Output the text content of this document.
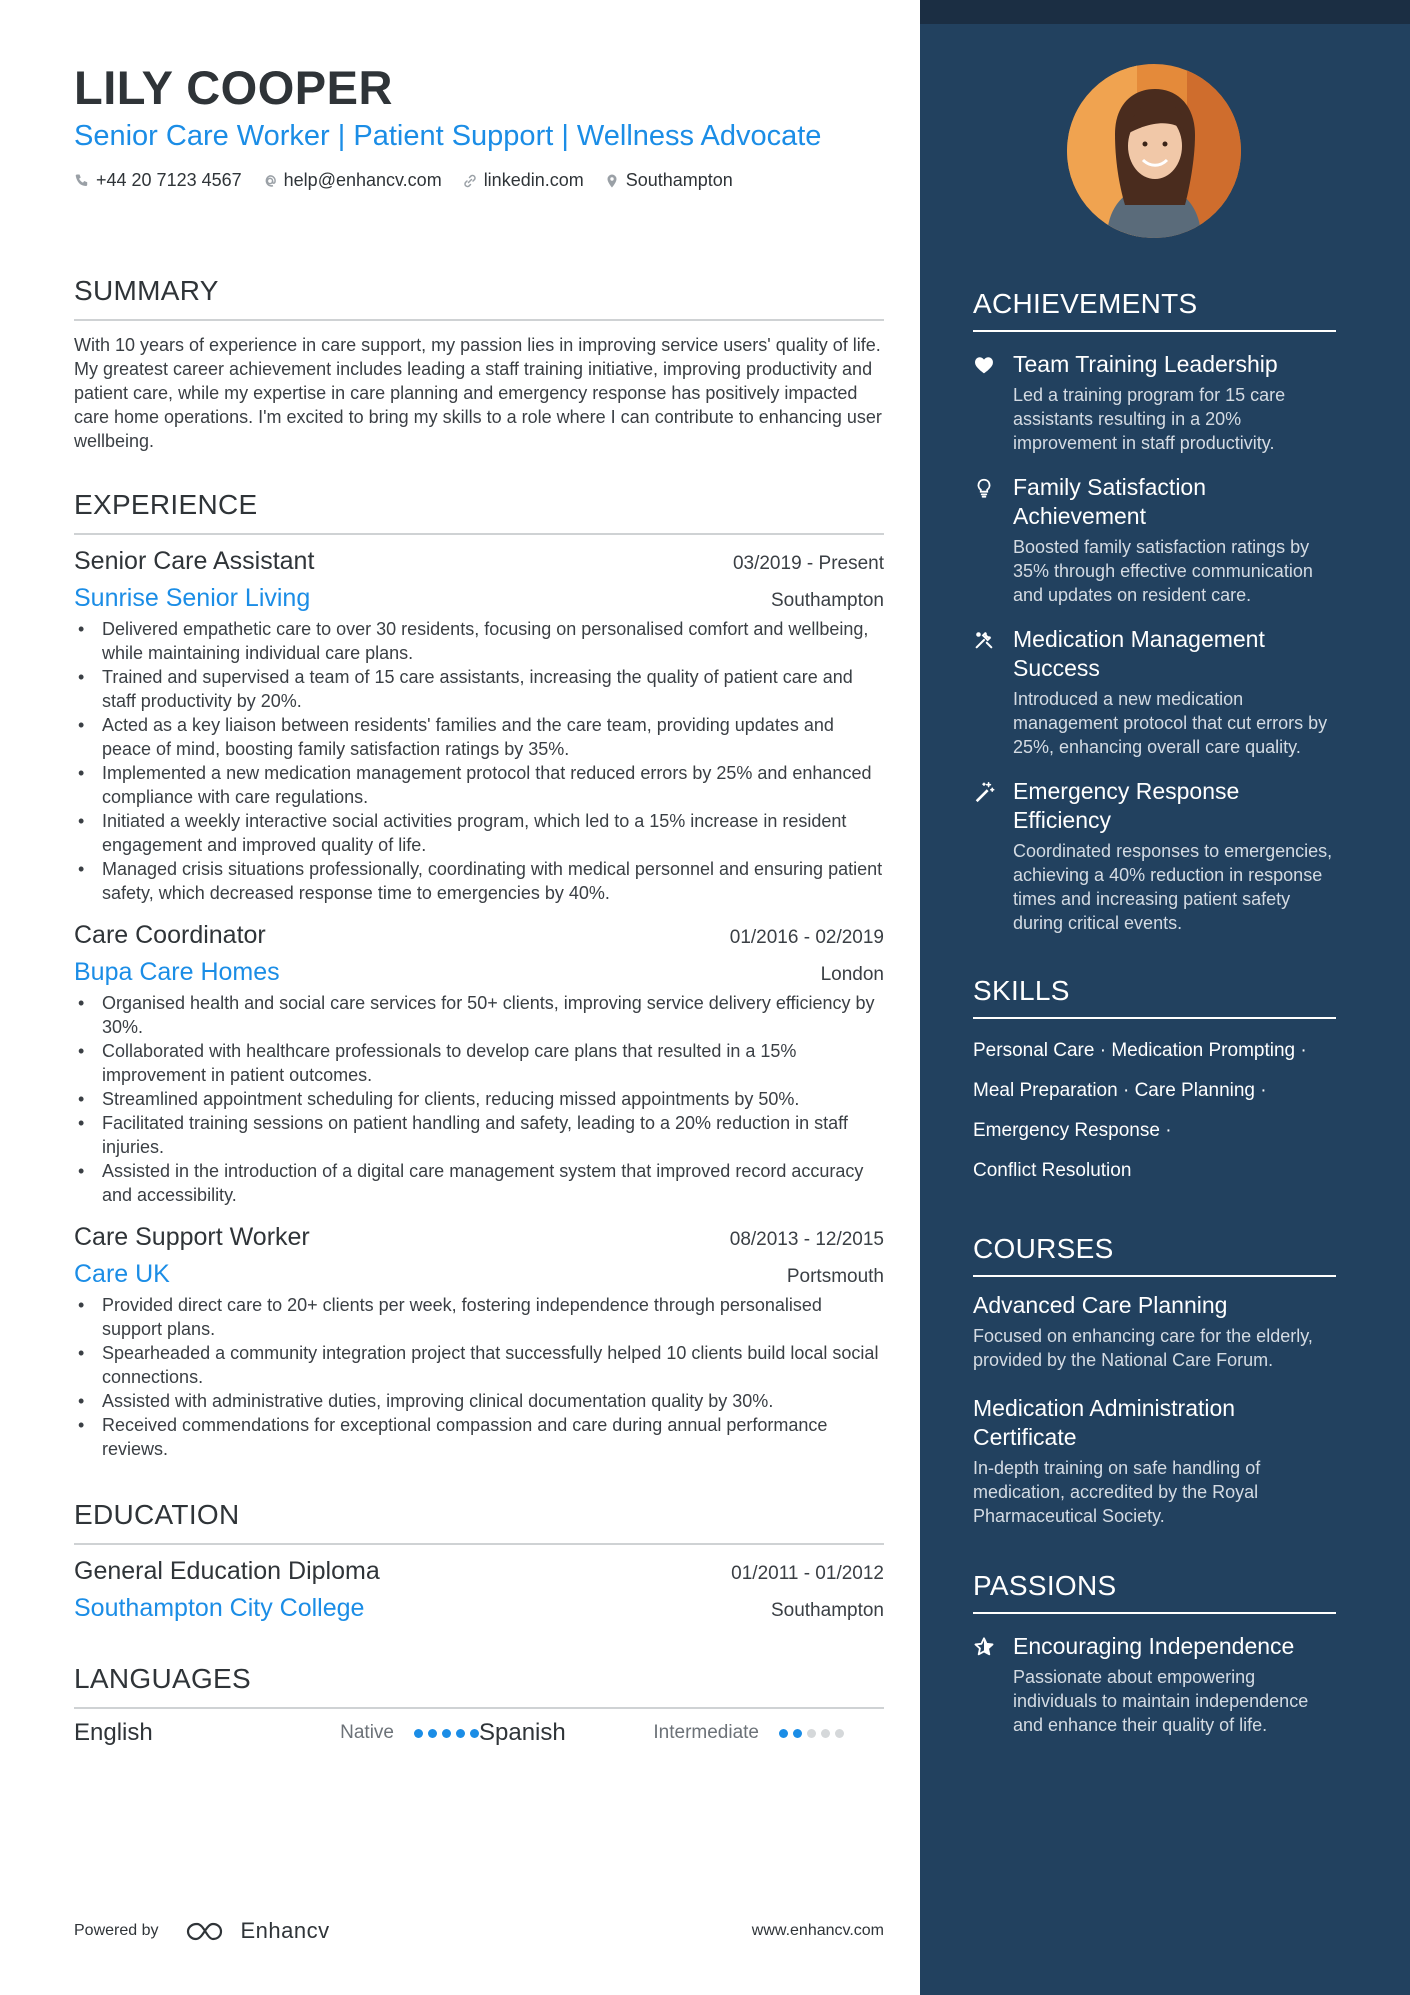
LILY COOPER
Senior Care Worker | Patient Support | Wellness Advocate
+44 20 7123 4567 help@enhancv.com linkedin.com Southampton
SUMMARY

With 10 years of experience in care support, my passion lies in improving service users' quality of life. My greatest career achievement includes leading a staff training initiative, improving productivity and patient care, while my expertise in care planning and emergency response has positively impacted care home operations. I'm excited to bring my skills to a role where I can contribute to enhancing user wellbeing.

EXPERIENCE
Senior Care Assistant	03/2019 - Present
Sunrise Senior Living	Southampton
• Delivered empathetic care to over 30 residents, focusing on personalised comfort and wellbeing, while maintaining individual care plans.
• Trained and supervised a team of 15 care assistants, increasing the quality of patient care and staff productivity by 20%.
• Acted as a key liaison between residents' families and the care team, providing updates and peace of mind, boosting family satisfaction ratings by 35%.
• Implemented a new medication management protocol that reduced errors by 25% and enhanced compliance with care regulations.
• Initiated a weekly interactive social activities program, which led to a 15% increase in resident engagement and improved quality of life.
• Managed crisis situations professionally, coordinating with medical personnel and ensuring patient safety, which decreased response time to emergencies by 40%.
Care Coordinator	01/2016 - 02/2019
Bupa Care Homes	London
• Organised health and social care services for 50+ clients, improving service delivery efficiency by 30%.
• Collaborated with healthcare professionals to develop care plans that resulted in a 15% improvement in patient outcomes.
• Streamlined appointment scheduling for clients, reducing missed appointments by 50%.
• Facilitated training sessions on patient handling and safety, leading to a 20% reduction in staff injuries.
• Assisted in the introduction of a digital care management system that improved record accuracy and accessibility.
Care Support Worker	08/2013 - 12/2015
Care UK	Portsmouth
• Provided direct care to 20+ clients per week, fostering independence through personalised support plans.
• Spearheaded a community integration project that successfully helped 10 clients build local social connections.
• Assisted with administrative duties, improving clinical documentation quality by 30%.
• Received commendations for exceptional compassion and care during annual performance reviews.
EDUCATION
General Education Diploma	01/2011 - 01/2012
Southampton City College	Southampton
LANGUAGES
English	Native	Spanish	Intermediate
Powered by	Enhancv	www.enhancv.com
ACHIEVEMENTS
Team Training Leadership
Led a training program for 15 care assistants resulting in a 20% improvement in staff productivity.
Family Satisfaction Achievement
Boosted family satisfaction ratings by 35% through effective communication and updates on resident care.
Medication Management Success
Introduced a new medication management protocol that cut errors by 25%, enhancing overall care quality.
Emergency Response Efficiency
Coordinated responses to emergencies, achieving a 40% reduction in response times and increasing patient safety during critical events.
SKILLS
Personal Care · Medication Prompting ·
Meal Preparation · Care Planning ·
Emergency Response ·
Conflict Resolution
COURSES
Advanced Care Planning
Focused on enhancing care for the elderly, provided by the National Care Forum.
Medication Administration Certificate
In-depth training on safe handling of medication, accredited by the Royal Pharmaceutical Society.
PASSIONS
Encouraging Independence
Passionate about empowering individuals to maintain independence and enhance their quality of life.
